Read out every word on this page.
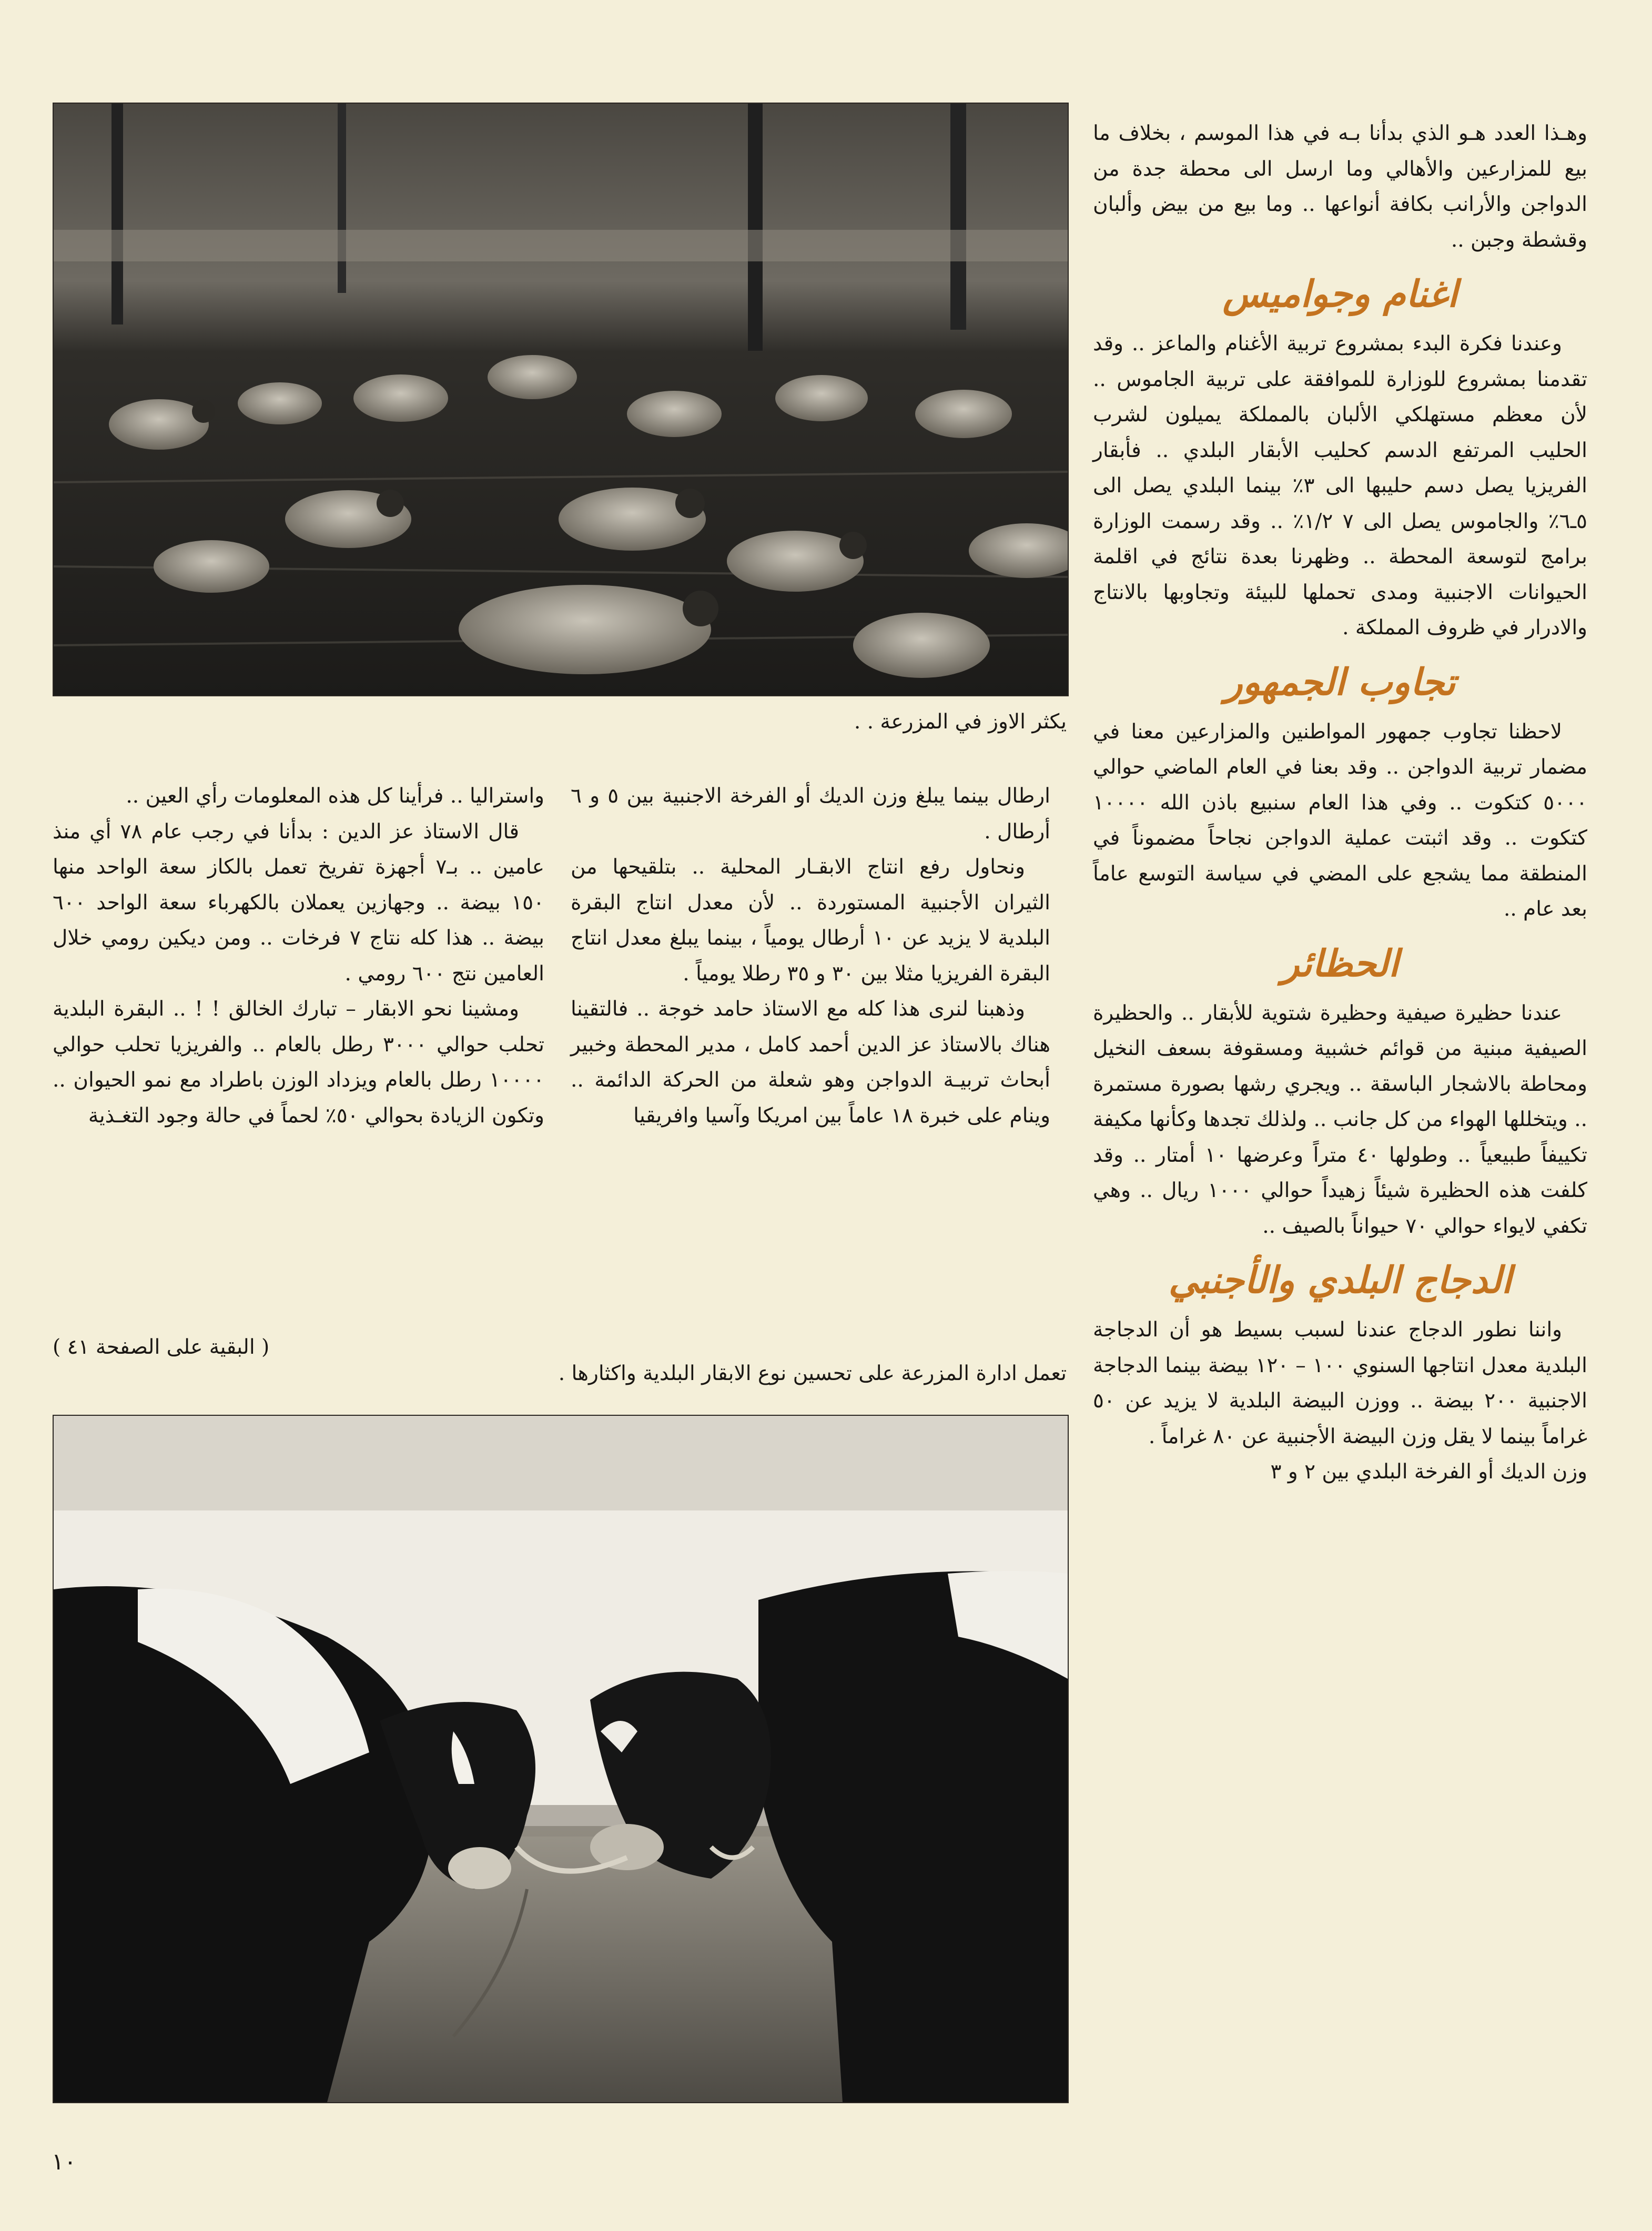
يكثر الاوز في المزرعة . .

وهـذا العدد هـو الذي بدأنا بـه في هذا الموسم ، بخلاف ما بيع للمزارعين والأهالي وما ارسل الى محطة جدة من الدواجن والأرانب بكافة أنواعها .. وما بيع من بيض وألبان وقشطة وجبن ..

اغنام وجواميس

وعندنا فكرة البدء بمشروع تربية الأغنام والماعز .. وقد تقدمنا بمشروع للوزارة للموافقة على تربية الجاموس .. لأن معظم مستهلكي الألبان بالمملكة يميلون لشرب الحليب المرتفع الدسم كحليب الأبقار البلدي .. فأبقار الفريزيا يصل دسم حليبها الى ٣٪ بينما البلدي يصل الى ٥ـ٦٪ والجاموس يصل الى ٧ ١/٢٪ .. وقد رسمت الوزارة برامج لتوسعة المحطة .. وظهرنا بعدة نتائج في اقلمة الحيوانات الاجنبية ومدى تحملها للبيئة وتجاوبها بالانتاج والادرار في ظروف المملكة .

تجاوب الجمهور

لاحظنا تجاوب جمهور المواطنين والمزارعين معنا في مضمار تربية الدواجن .. وقد بعنا في العام الماضي حوالي ٥٠٠٠ كتكوت .. وفي هذا العام سنبيع باذن الله ١٠٠٠٠ كتكوت .. وقد اثبتت عملية الدواجن نجاحاً مضموناً في المنطقة مما يشجع على المضي في سياسة التوسع عاماً بعد عام ..

الحظائر

عندنا حظيرة صيفية وحظيرة شتوية للأبقار .. والحظيرة الصيفية مبنية من قوائم خشبية ومسقوفة بسعف النخيل ومحاطة بالاشجار الباسقة .. ويجري رشها بصورة مستمرة .. ويتخللها الهواء من كل جانب .. ولذلك تجدها وكأنها مكيفة تكييفاً طبيعياً .. وطولها ٤٠ متراً وعرضها ١٠ أمتار .. وقد كلفت هذه الحظيرة شيئاً زهيداً حوالي ١٠٠٠ ريال .. وهي تكفي لايواء حوالي ٧٠ حيواناً بالصيف ..

الدجاج البلدي والأجنبي

واننا نطور الدجاج عندنا لسبب بسيط هو أن الدجاجة البلدية معدل انتاجها السنوي ١٠٠ – ١٢٠ بيضة بينما الدجاجة الاجنبية ٢٠٠ بيضة .. ووزن البيضة البلدية لا يزيد عن ٥٠ غراماً بينما لا يقل وزن البيضة الأجنبية عن ٨٠ غراماً .

وزن الديك أو الفرخة البلدي بين ٢ و ٣

ارطال بينما يبلغ وزن الديك أو الفرخة الاجنبية بين ٥ و ٦ أرطال .

ونحاول رفع انتاج الابقـار المحلية .. بتلقيحها من الثيران الأجنبية المستوردة .. لأن معدل انتاج البقرة البلدية لا يزيد عن ١٠ أرطال يومياً ، بينما يبلغ معدل انتاج البقرة الفريزيا مثلا بين ٣٠ و ٣٥ رطلا يومياً .

وذهبنا لنرى هذا كله مع الاستاذ حامد خوجة .. فالتقينا هناك بالاستاذ عز الدين أحمد كامل ، مدير المحطة وخبير أبحاث تربيـة الدواجن وهو شعلة من الحركة الدائمة .. وينام على خبرة ١٨ عاماً بين امريكا وآسيا وافريقيا

واستراليا .. فرأينا كل هذه المعلومات رأي العين ..

قال الاستاذ عز الدين : بدأنا في رجب عام ٧٨ أي منذ عامين .. بـ٧ أجهزة تفريخ تعمل بالكاز سعة الواحد منها ١٥٠ بيضة .. وجهازين يعملان بالكهرباء سعة الواحد ٦٠٠ بيضة .. هذا كله نتاج ٧ فرخات .. ومن ديكين رومي خلال العامين نتج ٦٠٠ رومي .

ومشينا نحو الابقار – تبارك الخالق ! ! .. البقرة البلدية تحلب حوالي ٣٠٠٠ رطل بالعام .. والفريزيا تحلب حوالي ١٠٠٠٠ رطل بالعام ويزداد الوزن باطراد مع نمو الحيوان .. وتكون الزيادة بحوالي ٥٠٪ لحماً في حالة وجود التغـذية

( البقية على الصفحة ٤١ )
تعمل ادارة المزرعة على تحسين نوع الابقار البلدية واكثارها .
١٠
